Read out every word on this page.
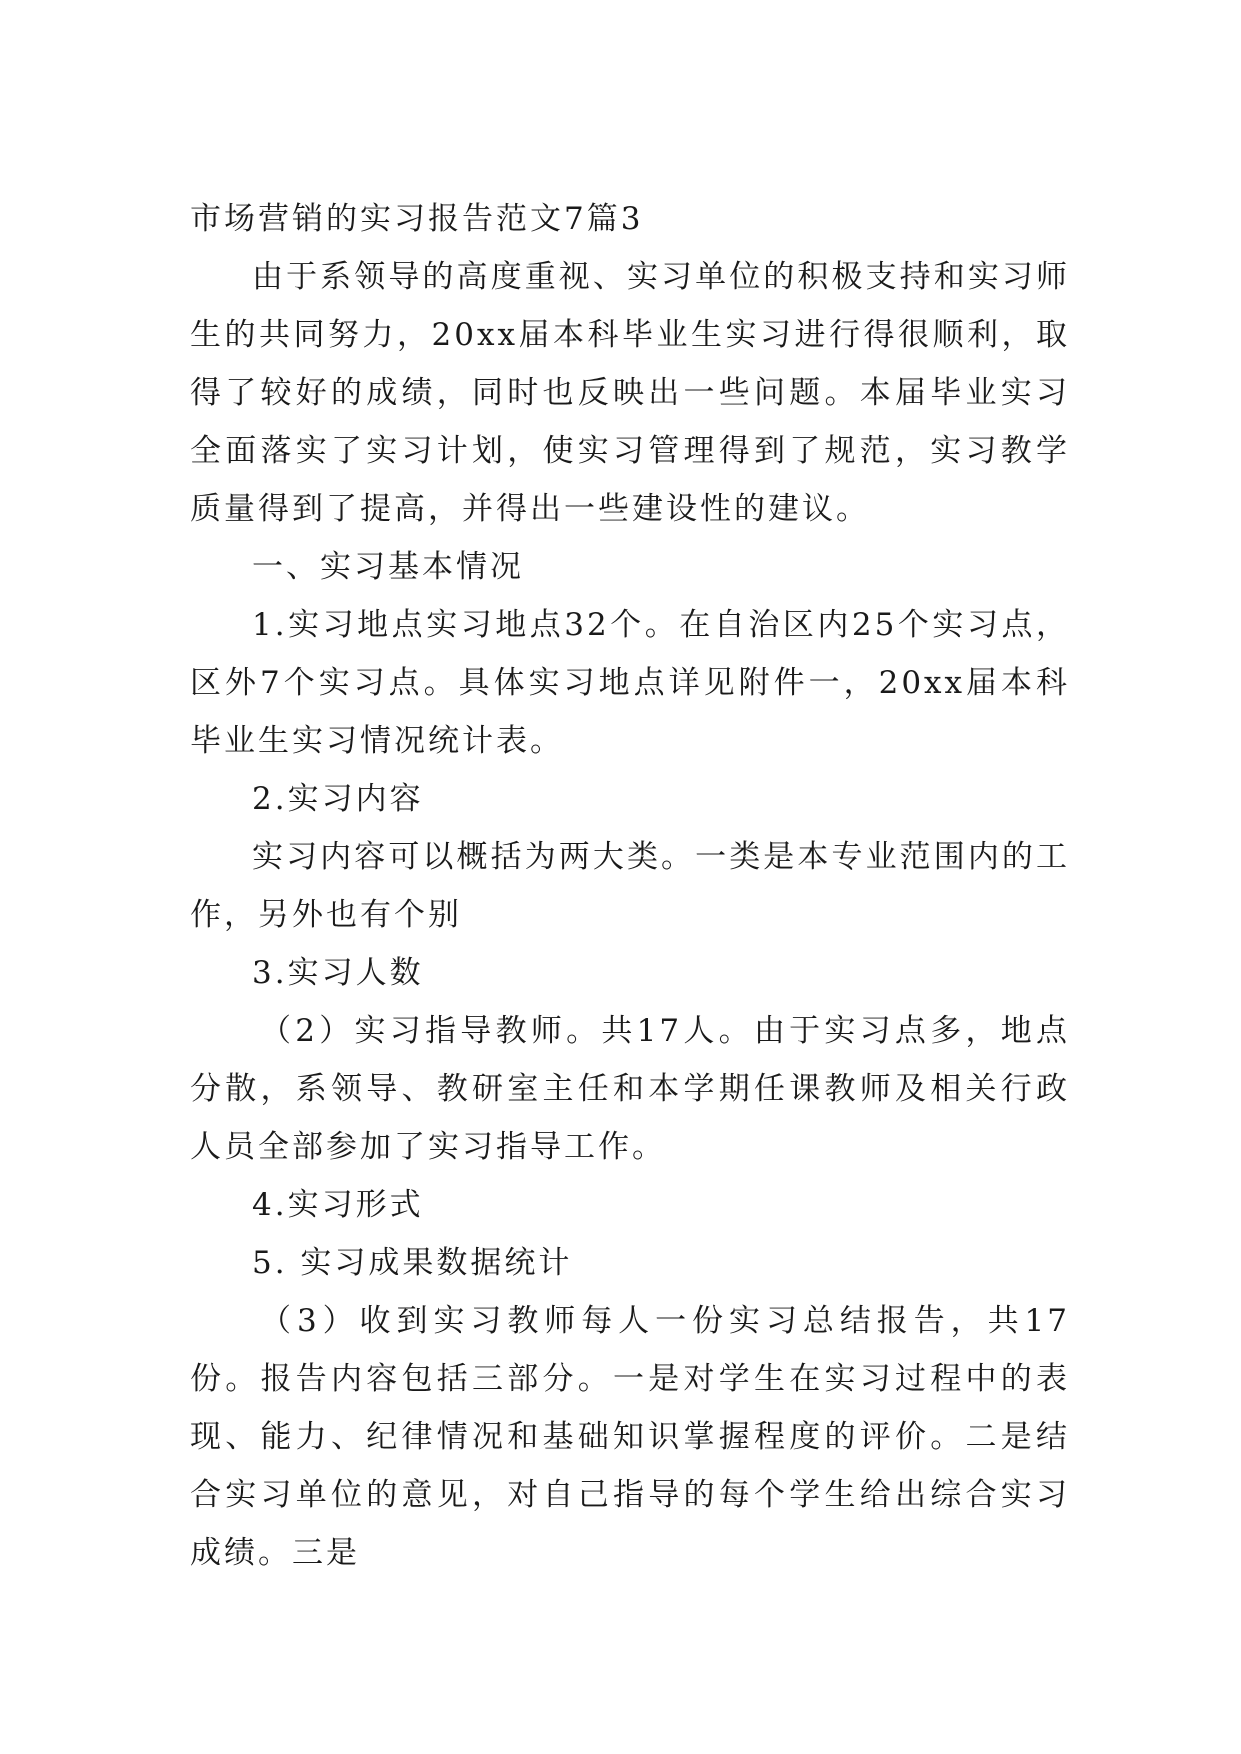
市场营销的实习报告范文7篇3

由于系领导的高度重视、实习单位的积极支持和实习师生的共同努力，20xx届本科毕业生实习进行得很顺利，取得了较好的成绩，同时也反映出一些问题。本届毕业实习全面落实了实习计划，使实习管理得到了规范，实习教学质量得到了提高，并得出一些建设性的建议。

一、实习基本情况

1.实习地点实习地点32个。在自治区内25个实习点，区外7个实习点。具体实习地点详见附件一，20xx届本科毕业生实习情况统计表。

2.实习内容

实习内容可以概括为两大类。一类是本专业范围内的工作，另外也有个别

3.实习人数

（2）实习指导教师。共17人。由于实习点多，地点分散，系领导、教研室主任和本学期任课教师及相关行政人员全部参加了实习指导工作。

4.实习形式

5. 实习成果数据统计

（3）收到实习教师每人一份实习总结报告，共17份。报告内容包括三部分。一是对学生在实习过程中的表现、能力、纪律情况和基础知识掌握程度的评价。二是结合实习单位的意见，对自己指导的每个学生给出综合实习成绩。三是
